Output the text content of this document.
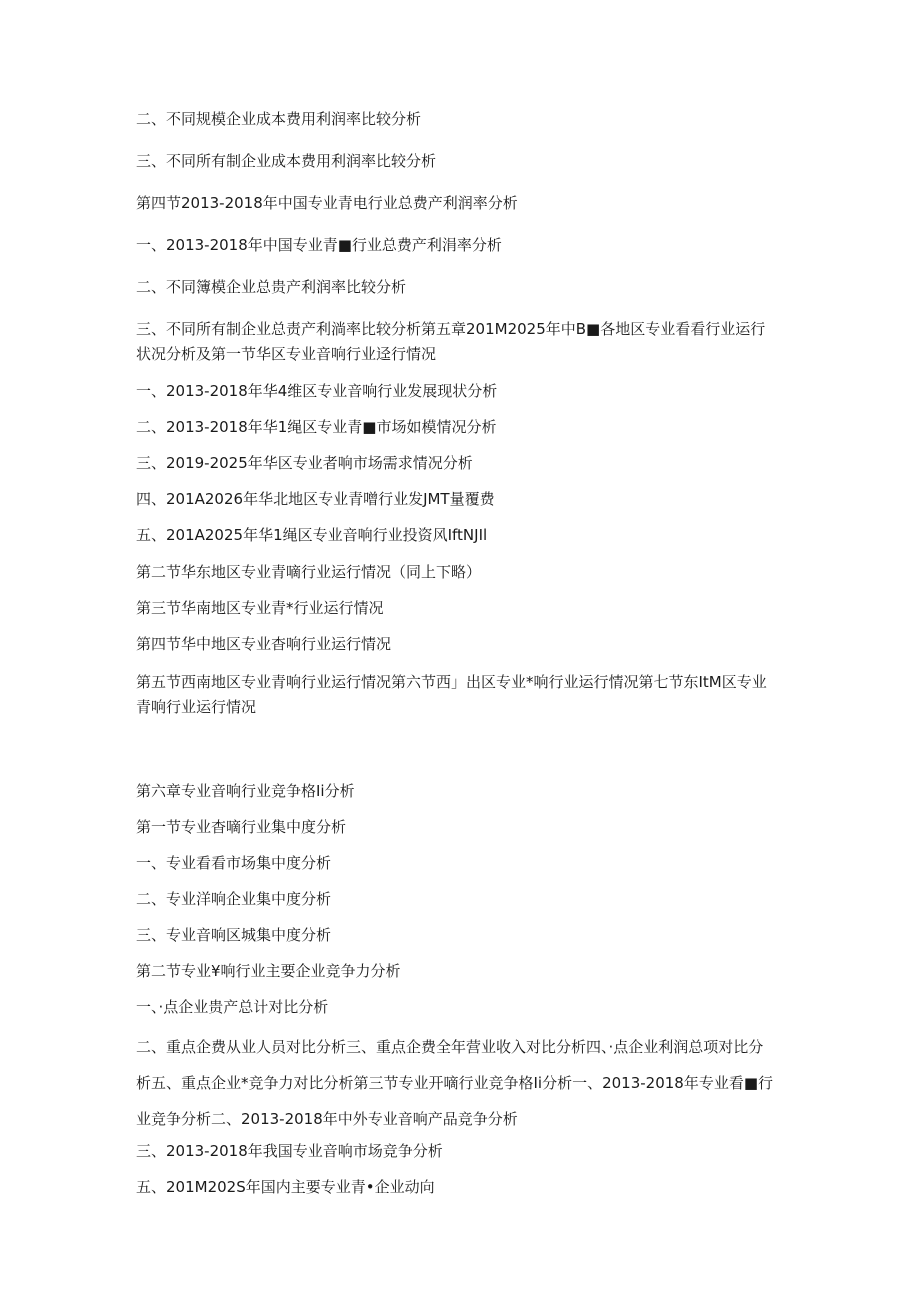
二、不同规模企业成本费用利润率比较分析
三、不同所有制企业成本费用利润率比较分析
第四节2013-2018年中国专业青电行业总费产利润率分析
一、2013-2018年中国专业青■行业总费产利涓率分析
二、不同簿模企业总贵产利润率比较分析
三、不同所有制企业总责产利淌率比较分析第五章201M2025年中B■各地区专业看看行业运行状况分析及第一节华区专业音响行业迳行情况
一、2013-2018年华4维区专业音响行业发展现状分析
二、2013-2018年华1绳区专业青■市场如模情况分析
三、2019-2025年华区专业者响市场需求情况分析
四、201A2026年华北地区专业青噌行业发JMT量覆费
五、201A2025年华1绳区专业音响行业投资风IftNJIl
第二节华东地区专业青嘀行业运行情况（同上下略）
第三节华南地区专业青*行业运行情况
第四节华中地区专业杳响行业运行情况
第五节西南地区专业青响行业运行情况第六节西」出区专业*响行业运行情况第七节东ItM区专业青响行业运行情况
第六章专业音响行业竞争格Ii分析
第一节专业杳嘀行业集中度分析
一、专业看看市场集中度分析
二、专业洋响企业集中度分析
三、专业音响区城集中度分析
第二节专业¥响行业主要企业竞争力分析
一、·点企业贵产总计对比分析
二、重点企费从业人员对比分析三、重点企费全年营业收入对比分析四、·点企业利润总项对比分析五、重点企业*竞争力对比分析第三节专业开嘀行业竞争格Ii分析一、2013-2018年专业看■行业竞争分析二、2013-2018年中外专业音响产品竞争分析
三、2013-2018年我国专业音响市场竞争分析
五、201M202S年国内主要专业青•企业动向
